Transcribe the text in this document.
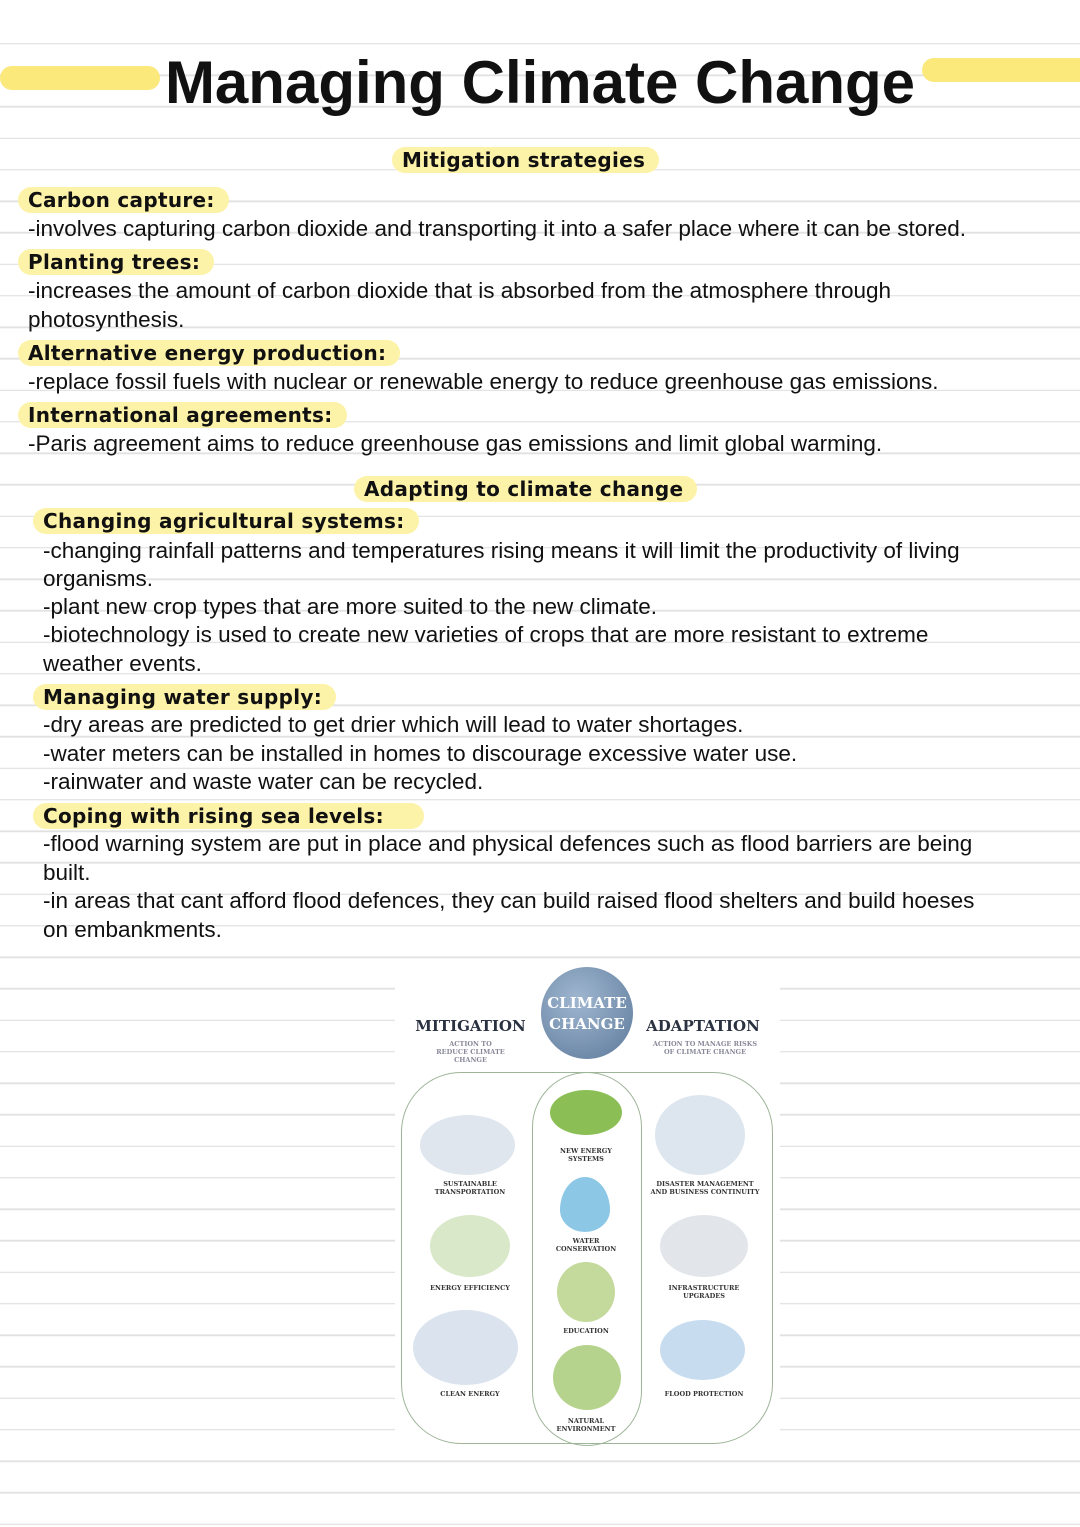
Managing Climate Change
Mitigation strategies
Carbon capture:
-involves capturing carbon dioxide and transporting it into a safer place where it can be stored.
Planting trees:
-increases the amount of carbon dioxide that is absorbed from the atmosphere through
photosynthesis.
Alternative energy production:
-replace fossil fuels with nuclear or renewable energy to reduce greenhouse gas emissions.
International agreements:
-Paris agreement aims to reduce greenhouse gas emissions and limit global warming.
Adapting to climate change
Changing agricultural systems:
-changing rainfall patterns and temperatures rising means it will limit the productivity of living
organisms.
-plant new crop types that are more suited to the new climate.
-biotechnology is used to create new varieties of crops that are more resistant to extreme
weather events.
Managing water supply:
-dry areas are predicted to get drier which will lead to water shortages.
-water meters can be installed in homes to discourage excessive water use.
-rainwater and waste water can be recycled.
Coping with rising sea levels:
-flood warning system are put in place and physical defences such as flood barriers are being
built.
-in areas that cant afford flood defences, they can build raised flood shelters and build hoeses
on embankments.
CLIMATE CHANGE
MITIGATION
ACTION TO REDUCE CLIMATE CHANGE
ADAPTATION
ACTION TO MANAGE RISKS OF CLIMATE CHANGE
SUSTAINABLE TRANSPORTATION
ENERGY EFFICIENCY
CLEAN ENERGY
NEW ENERGY SYSTEMS
WATER CONSERVATION
EDUCATION
NATURAL ENVIRONMENT
DISASTER MANAGEMENT AND BUSINESS CONTINUITY
INFRASTRUCTURE UPGRADES
FLOOD PROTECTION
